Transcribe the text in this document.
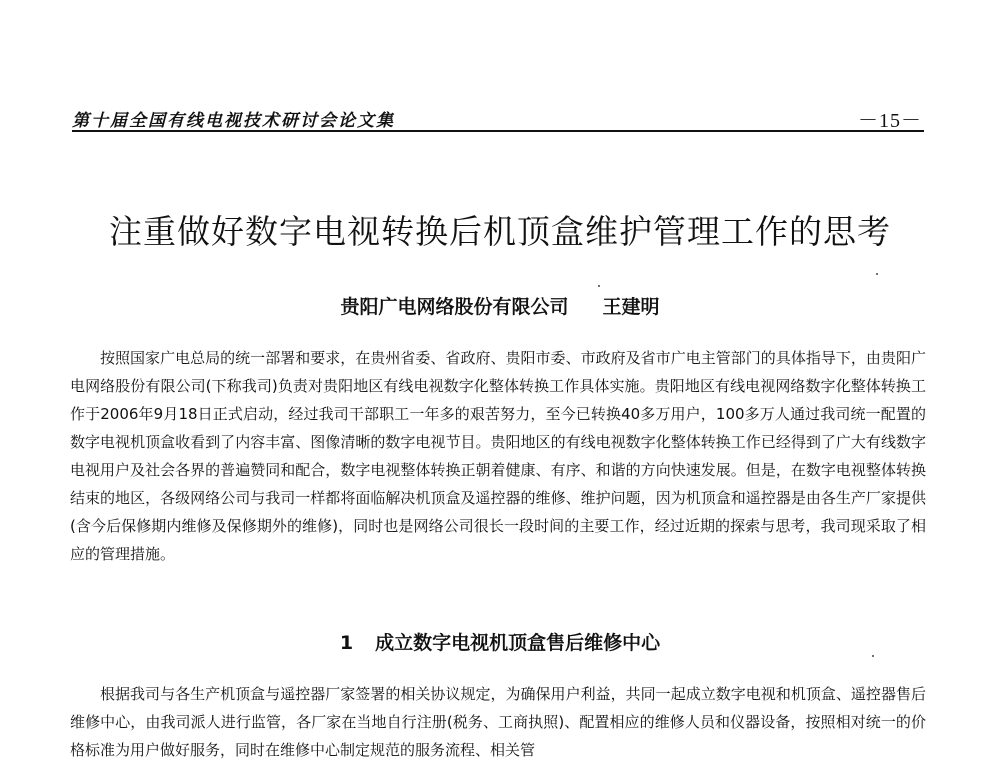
第十届全国有线电视技术研讨会论文集	－15－
注重做好数字电视转换后机顶盒维护管理工作的思考
贵阳广电网络股份有限公司 王建明

按照国家广电总局的统一部署和要求，在贵州省委、省政府、贵阳市委、市政府及省市广电主管部门的具体指导下，由贵阳广电网络股份有限公司(下称我司)负责对贵阳地区有线电视数字化整体转换工作具体实施。贵阳地区有线电视网络数字化整体转换工作于2006年9月18日正式启动，经过我司干部职工一年多的艰苦努力，至今已转换40多万用户，100多万人通过我司统一配置的数字电视机顶盒收看到了内容丰富、图像清晰的数字电视节目。贵阳地区的有线电视数字化整体转换工作已经得到了广大有线数字电视用户及社会各界的普遍赞同和配合，数字电视整体转换正朝着健康、有序、和谐的方向快速发展。但是，在数字电视整体转换结束的地区，各级网络公司与我司一样都将面临解决机顶盒及遥控器的维修、维护问题，因为机顶盒和遥控器是由各生产厂家提供(含今后保修期内维修及保修期外的维修)，同时也是网络公司很长一段时间的主要工作，经过近期的探索与思考，我司现采取了相应的管理措施。

1 成立数字电视机顶盒售后维修中心

根据我司与各生产机顶盒与遥控器厂家签署的相关协议规定，为确保用户利益，共同一起成立数字电视和机顶盒、遥控器售后维修中心，由我司派人进行监管，各厂家在当地自行注册(税务、工商执照)、配置相应的维修人员和仪器设备，按照相对统一的价格标准为用户做好服务，同时在维修中心制定规范的服务流程、相关管
